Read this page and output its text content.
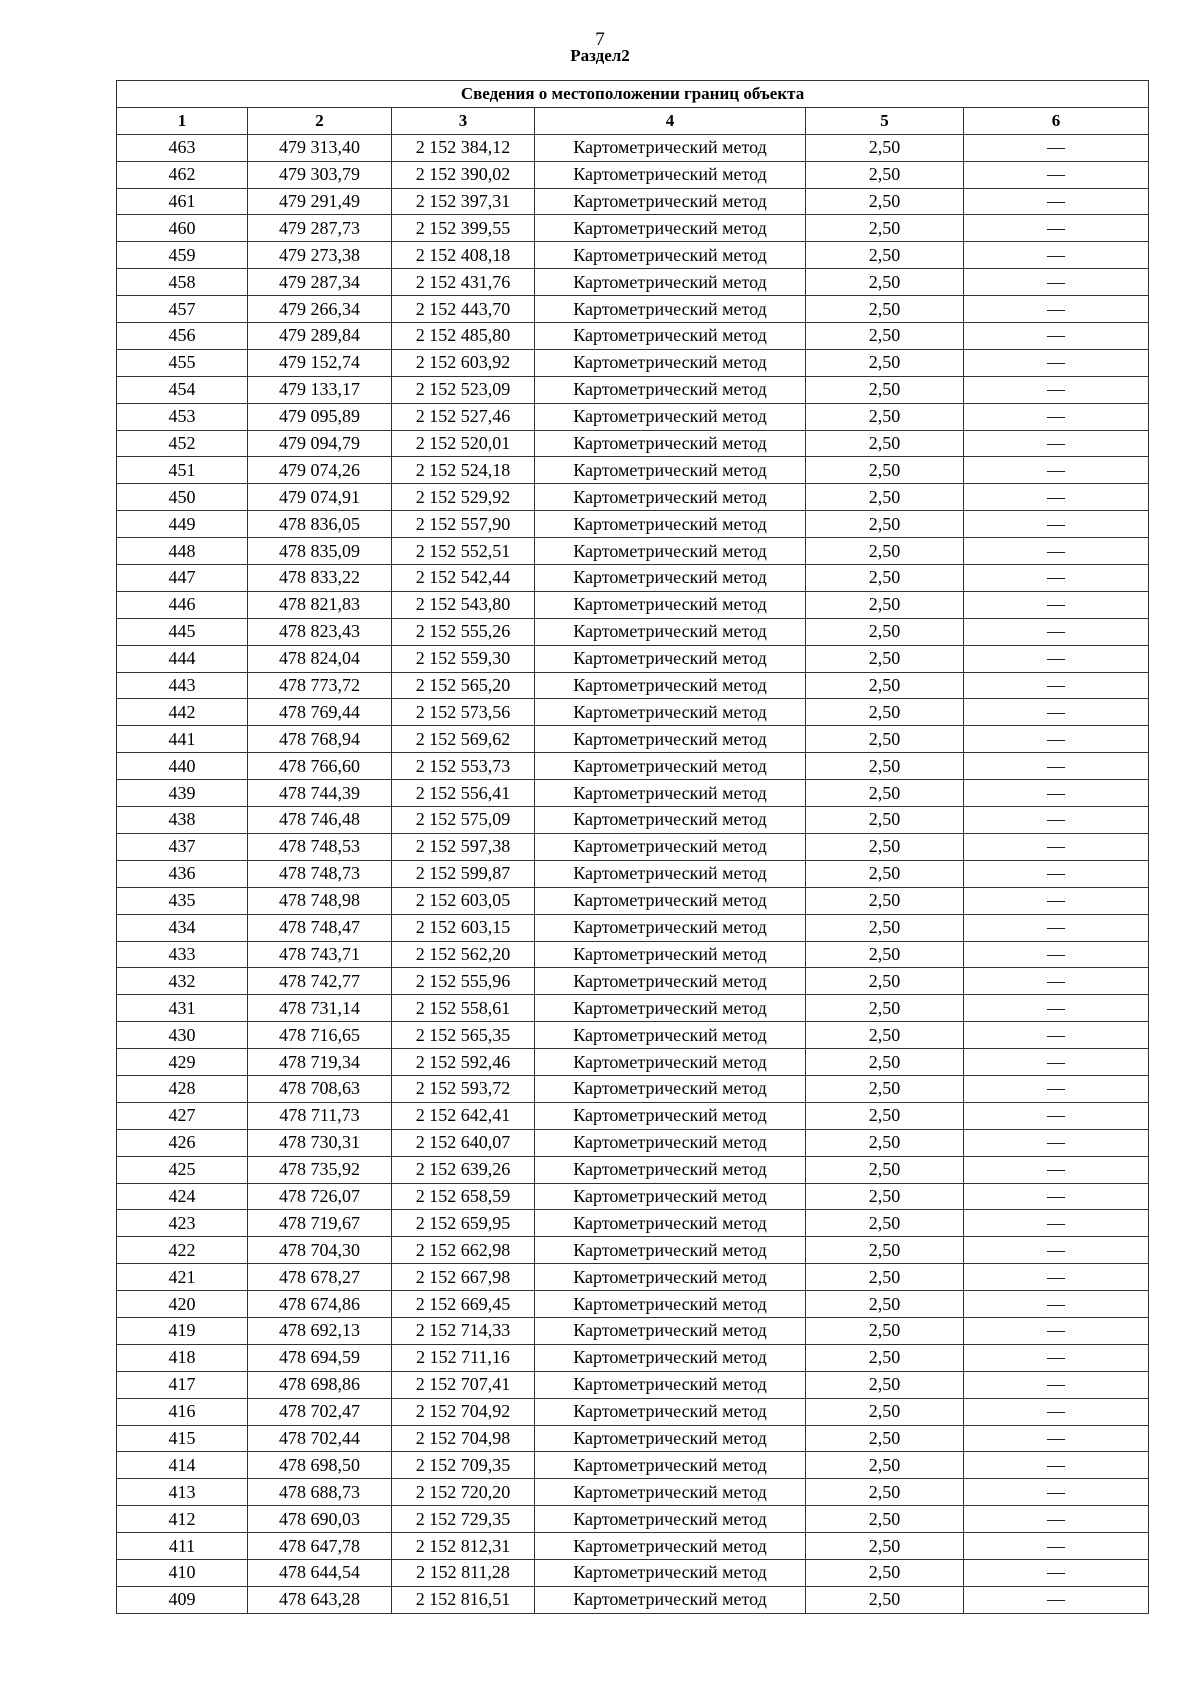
7
Раздел2
Сведения о местоположении границ объекта					
1	2	3	4	5	6
463	479 313,40	2 152 384,12	Картометрический метод	2,50	—
462	479 303,79	2 152 390,02	Картометрический метод	2,50	—
461	479 291,49	2 152 397,31	Картометрический метод	2,50	—
460	479 287,73	2 152 399,55	Картометрический метод	2,50	—
459	479 273,38	2 152 408,18	Картометрический метод	2,50	—
458	479 287,34	2 152 431,76	Картометрический метод	2,50	—
457	479 266,34	2 152 443,70	Картометрический метод	2,50	—
456	479 289,84	2 152 485,80	Картометрический метод	2,50	—
455	479 152,74	2 152 603,92	Картометрический метод	2,50	—
454	479 133,17	2 152 523,09	Картометрический метод	2,50	—
453	479 095,89	2 152 527,46	Картометрический метод	2,50	—
452	479 094,79	2 152 520,01	Картометрический метод	2,50	—
451	479 074,26	2 152 524,18	Картометрический метод	2,50	—
450	479 074,91	2 152 529,92	Картометрический метод	2,50	—
449	478 836,05	2 152 557,90	Картометрический метод	2,50	—
448	478 835,09	2 152 552,51	Картометрический метод	2,50	—
447	478 833,22	2 152 542,44	Картометрический метод	2,50	—
446	478 821,83	2 152 543,80	Картометрический метод	2,50	—
445	478 823,43	2 152 555,26	Картометрический метод	2,50	—
444	478 824,04	2 152 559,30	Картометрический метод	2,50	—
443	478 773,72	2 152 565,20	Картометрический метод	2,50	—
442	478 769,44	2 152 573,56	Картометрический метод	2,50	—
441	478 768,94	2 152 569,62	Картометрический метод	2,50	—
440	478 766,60	2 152 553,73	Картометрический метод	2,50	—
439	478 744,39	2 152 556,41	Картометрический метод	2,50	—
438	478 746,48	2 152 575,09	Картометрический метод	2,50	—
437	478 748,53	2 152 597,38	Картометрический метод	2,50	—
436	478 748,73	2 152 599,87	Картометрический метод	2,50	—
435	478 748,98	2 152 603,05	Картометрический метод	2,50	—
434	478 748,47	2 152 603,15	Картометрический метод	2,50	—
433	478 743,71	2 152 562,20	Картометрический метод	2,50	—
432	478 742,77	2 152 555,96	Картометрический метод	2,50	—
431	478 731,14	2 152 558,61	Картометрический метод	2,50	—
430	478 716,65	2 152 565,35	Картометрический метод	2,50	—
429	478 719,34	2 152 592,46	Картометрический метод	2,50	—
428	478 708,63	2 152 593,72	Картометрический метод	2,50	—
427	478 711,73	2 152 642,41	Картометрический метод	2,50	—
426	478 730,31	2 152 640,07	Картометрический метод	2,50	—
425	478 735,92	2 152 639,26	Картометрический метод	2,50	—
424	478 726,07	2 152 658,59	Картометрический метод	2,50	—
423	478 719,67	2 152 659,95	Картометрический метод	2,50	—
422	478 704,30	2 152 662,98	Картометрический метод	2,50	—
421	478 678,27	2 152 667,98	Картометрический метод	2,50	—
420	478 674,86	2 152 669,45	Картометрический метод	2,50	—
419	478 692,13	2 152 714,33	Картометрический метод	2,50	—
418	478 694,59	2 152 711,16	Картометрический метод	2,50	—
417	478 698,86	2 152 707,41	Картометрический метод	2,50	—
416	478 702,47	2 152 704,92	Картометрический метод	2,50	—
415	478 702,44	2 152 704,98	Картометрический метод	2,50	—
414	478 698,50	2 152 709,35	Картометрический метод	2,50	—
413	478 688,73	2 152 720,20	Картометрический метод	2,50	—
412	478 690,03	2 152 729,35	Картометрический метод	2,50	—
411	478 647,78	2 152 812,31	Картометрический метод	2,50	—
410	478 644,54	2 152 811,28	Картометрический метод	2,50	—
409	478 643,28	2 152 816,51	Картометрический метод	2,50	—
